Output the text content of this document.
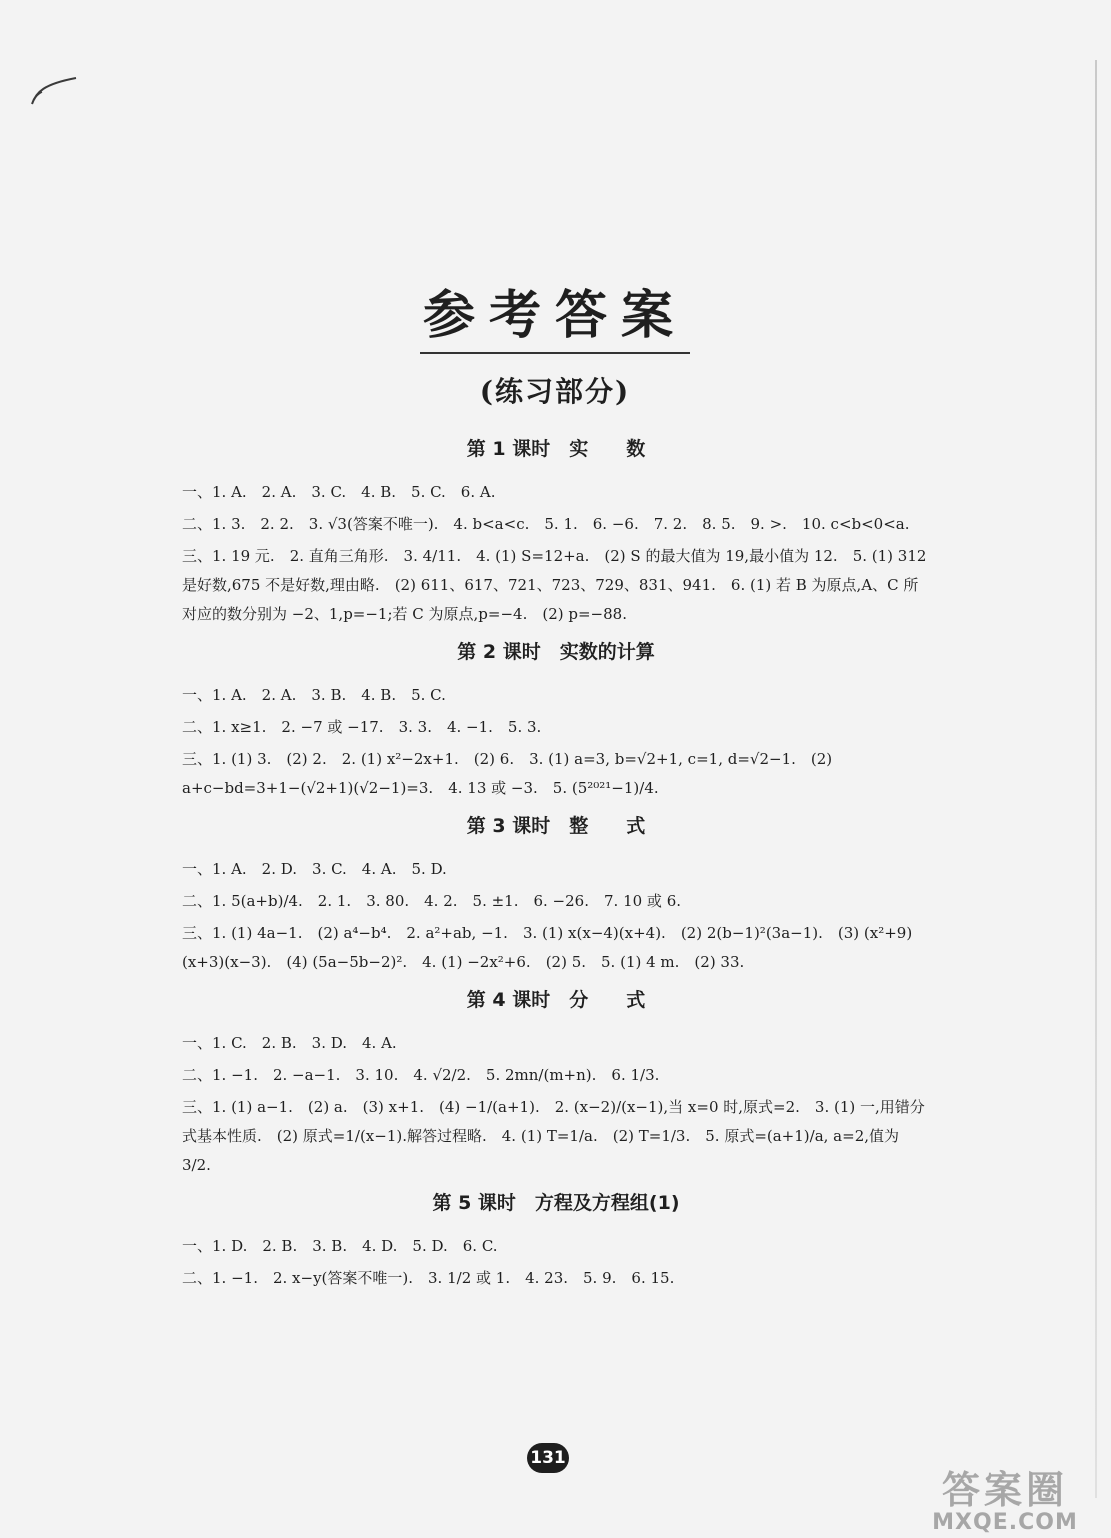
参考答案
(练习部分)
第 1 课时　实　　数
一、1. A.　2. A.　3. C.　4. B.　5. C.　6. A.
二、1. 3.　2. 2.　3. √3(答案不唯一).　4. b<a<c.　5. 1.　6. −6.　7. 2.　8. 5.　9. >.　10. c<b<0<a.
三、1. 19 元.　2. 直角三角形.　3. 4/11.　4. (1) S=12+a.　(2) S 的最大值为 19,最小值为 12.　5. (1) 312 是好数,675 不是好数,理由略.　(2) 611、617、721、723、729、831、941.　6. (1) 若 B 为原点,A、C 所对应的数分别为 −2、1,p=−1;若 C 为原点,p=−4.　(2) p=−88.
第 2 课时　实数的计算
一、1. A.　2. A.　3. B.　4. B.　5. C.
二、1. x≥1.　2. −7 或 −17.　3. 3.　4. −1.　5. 3.
三、1. (1) 3.　(2) 2.　2. (1) x²−2x+1.　(2) 6.　3. (1) a=3, b=√2+1, c=1, d=√2−1.　(2) a+c−bd=3+1−(√2+1)(√2−1)=3.　4. 13 或 −3.　5. (5²⁰²¹−1)/4.
第 3 课时　整　　式
一、1. A.　2. D.　3. C.　4. A.　5. D.
二、1. 5(a+b)/4.　2. 1.　3. 80.　4. 2.　5. ±1.　6. −26.　7. 10 或 6.
三、1. (1) 4a−1.　(2) a⁴−b⁴.　2. a²+ab, −1.　3. (1) x(x−4)(x+4).　(2) 2(b−1)²(3a−1).　(3) (x²+9)(x+3)(x−3).　(4) (5a−5b−2)².　4. (1) −2x²+6.　(2) 5.　5. (1) 4 m.　(2) 33.
第 4 课时　分　　式
一、1. C.　2. B.　3. D.　4. A.
二、1. −1.　2. −a−1.　3. 10.　4. √2/2.　5. 2mn/(m+n).　6. 1/3.
三、1. (1) a−1.　(2) a.　(3) x+1.　(4) −1/(a+1).　2. (x−2)/(x−1),当 x=0 时,原式=2.　3. (1) 一,用错分式基本性质.　(2) 原式=1/(x−1).解答过程略.　4. (1) T=1/a.　(2) T=1/3.　5. 原式=(a+1)/a, a=2,值为 3/2.
第 5 课时　方程及方程组(1)
一、1. D.　2. B.　3. B.　4. D.　5. D.　6. C.
二、1. −1.　2. x−y(答案不唯一).　3. 1/2 或 1.　4. 23.　5. 9.　6. 15.
131
答案圈
MXQE.COM
